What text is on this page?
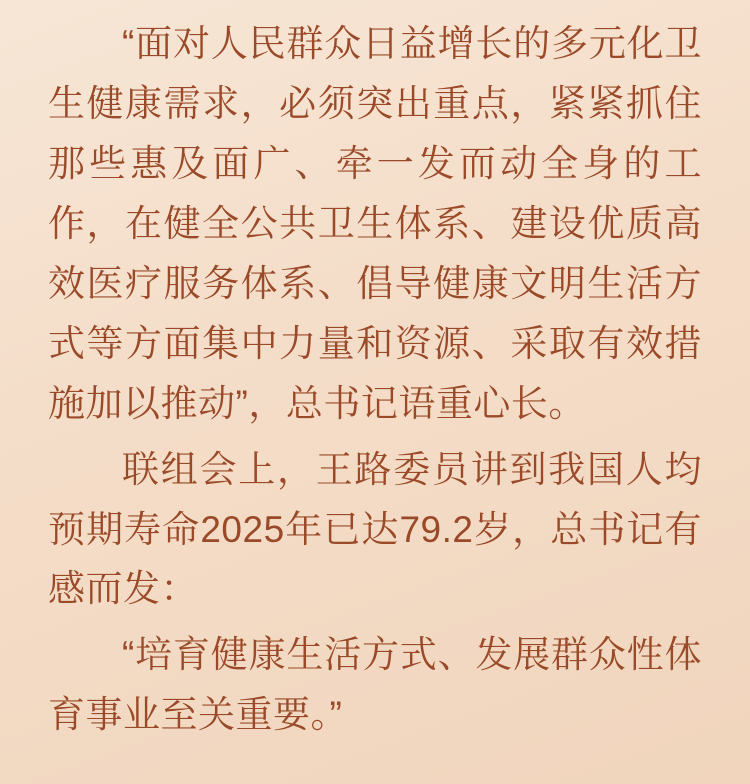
“面对人民群众日益增长的多元化卫生健康需求，必须突出重点，紧紧抓住那些惠及面广、牵一发而动全身的工作，在健全公共卫生体系、建设优质高效医疗服务体系、倡导健康文明生活方式等方面集中力量和资源、采取有效措施加以推动”，总书记语重心长。

联组会上，王路委员讲到我国人均预期寿命2025年已达79.2岁，总书记有感而发：

“培育健康生活方式、发展群众性体育事业至关重要。”
